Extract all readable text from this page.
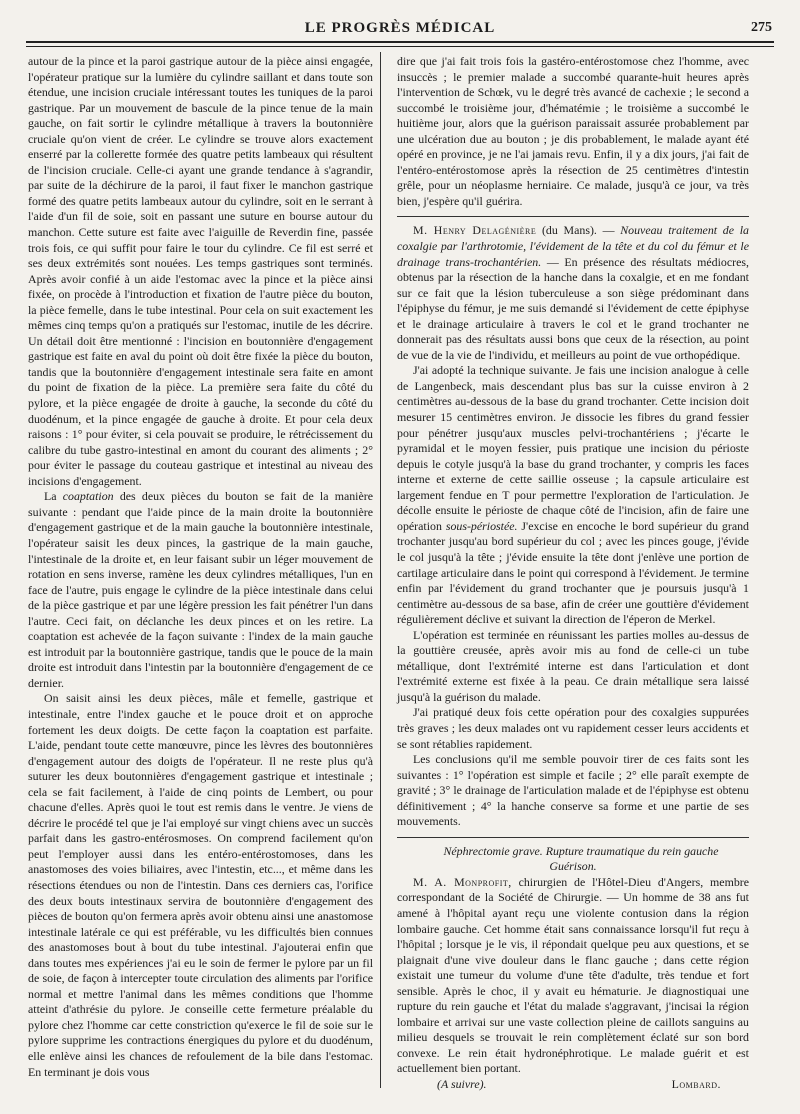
LE PROGRÈS MÉDICAL	275

autour de la pince et la paroi gastrique autour de la pièce ainsi engagée, l'opérateur pratique sur la lumière du cylindre saillant et dans toute son étendue, une incision cruciale intéressant toutes les tuniques de la paroi gastrique. Par un mouvement de bascule de la pince tenue de la main gauche, on fait sortir le cylindre métallique à travers la boutonnière cruciale qu'on vient de créer. Le cylindre se trouve alors exactement enserré par la collerette formée des quatre petits lambeaux qui résultent de l'incision cruciale. Celle-ci ayant une grande tendance à s'agrandir, par suite de la déchirure de la paroi, il faut fixer le manchon gastrique formé des quatre petits lambeaux autour du cylindre, soit en le serrant à l'aide d'un fil de soie, soit en passant une suture en bourse autour du manchon. Cette suture est faite avec l'aiguille de Reverdin fine, passée trois fois, ce qui suffit pour faire le tour du cylindre. Ce fil est serré et ses deux extrémités sont nouées. Les temps gastriques sont terminés. Après avoir confié à un aide l'estomac avec la pince et la pièce ainsi fixée, on procède à l'introduction et fixation de l'autre pièce du bouton, la pièce femelle, dans le tube intestinal. Pour cela on suit exactement les mêmes cinq temps qu'on a pratiqués sur l'estomac, inutile de les décrire. Un détail doit être mentionné : l'incision en boutonnière d'engagement gastrique est faite en aval du point où doit être fixée la pièce du bouton, tandis que la boutonnière d'engagement intestinale sera faite en amont du point de fixation de la pièce. La première sera faite du côté du pylore, et la pièce engagée de droite à gauche, la seconde du côté du duodénum, et la pince engagée de gauche à droite. Et pour cela deux raisons : 1° pour éviter, si cela pouvait se produire, le rétrécissement du calibre du tube gastro-intestinal en amont du courant des aliments ; 2° pour éviter le passage du couteau gastrique et intestinal au niveau des incisions d'engagement.

La coaptation des deux pièces du bouton se fait de la manière suivante : pendant que l'aide pince de la main droite la boutonnière d'engagement gastrique et de la main gauche la boutonnière intestinale, l'opérateur saisit les deux pinces, la gastrique de la main gauche, l'intestinale de la droite et, en leur faisant subir un léger mouvement de rotation en sens inverse, ramène les deux cylindres métalliques, l'un en face de l'autre, puis engage le cylindre de la pièce intestinale dans celui de la pièce gastrique et par une légère pression les fait pénétrer l'un dans l'autre. Ceci fait, on déclanche les deux pinces et on les retire. La coaptation est achevée de la façon suivante : l'index de la main gauche est introduit par la boutonnière gastrique, tandis que le pouce de la main droite est introduit dans l'intestin par la boutonnière d'engagement de ce dernier.

On saisit ainsi les deux pièces, mâle et femelle, gastrique et intestinale, entre l'index gauche et le pouce droit et on approche fortement les deux doigts. De cette façon la coaptation est parfaite. L'aide, pendant toute cette manœuvre, pince les lèvres des boutonnières d'engagement autour des doigts de l'opérateur. Il ne reste plus qu'à suturer les deux boutonnières d'engagement gastrique et intestinale ; cela se fait facilement, à l'aide de cinq points de Lembert, ou pour chacune d'elles. Après quoi le tout est remis dans le ventre. Je viens de décrire le procédé tel que je l'ai employé sur vingt chiens avec un succès parfait dans les gastro-entérosmoses. On comprend facilement qu'on peut l'employer aussi dans les entéro-entérostomoses, dans les anastomoses des voies biliaires, avec l'intestin, etc..., et même dans les résections étendues ou non de l'intestin. Dans ces derniers cas, l'orifice des deux bouts intestinaux servira de boutonnière d'engagement des pièces de bouton qu'on fermera après avoir obtenu ainsi une anastomose intestinale latérale ce qui est préférable, vu les difficultés bien connues des anastomoses bout à bout du tube intestinal. J'ajouterai enfin que dans toutes mes expériences j'ai eu le soin de fermer le pylore par un fil de soie, de façon à intercepter toute circulation des aliments par l'orifice normal et mettre l'animal dans les mêmes conditions que l'homme atteint d'athrésie du pylore. Je conseille cette fermeture préalable du pylore chez l'homme car cette constriction qu'exerce le fil de soie sur le pylore supprime les contractions énergiques du pylore et du duodénum, elle enlève ainsi les chances de refoulement de la bile dans l'estomac. En terminant je dois vous

dire que j'ai fait trois fois la gastéro-entérostomose chez l'homme, avec insuccès ; le premier malade a succombé quarante-huit heures après l'intervention de Schœk, vu le degré très avancé de cachexie ; le second a succombé le troisième jour, d'hématémie ; le troisième a succombé le huitième jour, alors que la guérison paraissait assurée probablement par une ulcération due au bouton ; je dis probablement, le malade ayant été opéré en province, je ne l'ai jamais revu. Enfin, il y a dix jours, j'ai fait de l'entéro-entérostomose après la résection de 25 centimètres d'intestin grêle, pour un néoplasme herniaire. Ce malade, jusqu'à ce jour, va très bien, j'espère qu'il guérira.

M. Henry Delagénière (du Mans). — Nouveau traitement de la coxalgie par l'arthrotomie, l'évidement de la tête et du col du fémur et le drainage trans-trochantérien. — En présence des résultats médiocres, obtenus par la résection de la hanche dans la coxalgie, et en me fondant sur ce fait que la lésion tuberculeuse a son siège prédominant dans l'épiphyse du fémur, je me suis demandé si l'évidement de cette épiphyse et le drainage articulaire à travers le col et le grand trochanter ne donnerait pas des résultats aussi bons que ceux de la résection, au point de vue de la vie de l'individu, et meilleurs au point de vue orthopédique.

J'ai adopté la technique suivante. Je fais une incision analogue à celle de Langenbeck, mais descendant plus bas sur la cuisse environ à 2 centimètres au-dessous de la base du grand trochanter. Cette incision doit mesurer 15 centimètres environ. Je dissocie les fibres du grand fessier pour pénétrer jusqu'aux muscles pelvi-trochantériens ; j'écarte le pyramidal et le moyen fessier, puis pratique une incision du périoste depuis le cotyle jusqu'à la base du grand trochanter, y compris les faces interne et externe de cette saillie osseuse ; la capsule articulaire est largement fendue en T pour permettre l'exploration de l'articulation. Je décolle ensuite le périoste de chaque côté de l'incision, afin de faire une opération sous-périostée. J'excise en encoche le bord supérieur du grand trochanter jusqu'au bord supérieur du col ; avec les pinces gouge, j'évide le col jusqu'à la tête ; j'évide ensuite la tête dont j'enlève une portion de cartilage articulaire dans le point qui correspond à l'évidement. Je termine enfin par l'évidement du grand trochanter que je poursuis jusqu'à 1 centimètre au-dessous de sa base, afin de créer une gouttière d'évidement régulièrement déclive et suivant la direction de l'éperon de Merkel.

L'opération est terminée en réunissant les parties molles au-dessus de la gouttière creusée, après avoir mis au fond de celle-ci un tube métallique, dont l'extrémité interne est dans l'articulation et dont l'extrémité externe est fixée à la peau. Ce drain métallique sera laissé jusqu'à la guérison du malade.

J'ai pratiqué deux fois cette opération pour des coxalgies suppurées très graves ; les deux malades ont vu rapidement cesser leurs accidents et se sont rétablies rapidement.

Les conclusions qu'il me semble pouvoir tirer de ces faits sont les suivantes : 1° l'opération est simple et facile ; 2° elle paraît exempte de gravité ; 3° le drainage de l'articulation malade et de l'épiphyse est obtenu définitivement ; 4° la hanche conserve sa forme et une partie de ses mouvements.

Néphrectomie grave. Rupture traumatique du rein gauche
Guérison.

M. A. Monprofit, chirurgien de l'Hôtel-Dieu d'Angers, membre correspondant de la Société de Chirurgie. — Un homme de 38 ans fut amené à l'hôpital ayant reçu une violente contusion dans la région lombaire gauche. Cet homme était sans connaissance lorsqu'il fut reçu à l'hôpital ; lorsque je le vis, il répondait quelque peu aux questions, et se plaignait d'une vive douleur dans le flanc gauche ; dans cette région existait une tumeur du volume d'une tête d'adulte, très tendue et fort sensible. Après le choc, il y avait eu hématurie. Je diagnostiquai une rupture du rein gauche et l'état du malade s'aggravant, j'incisai la région lombaire et arrivai sur une vaste collection pleine de caillots sanguins au milieu desquels se trouvait le rein complètement éclaté sur son bord convexe. Le rein était hydronéphrotique. Le malade guérit et est actuellement bien portant.

(A suivre).	Lombard.
